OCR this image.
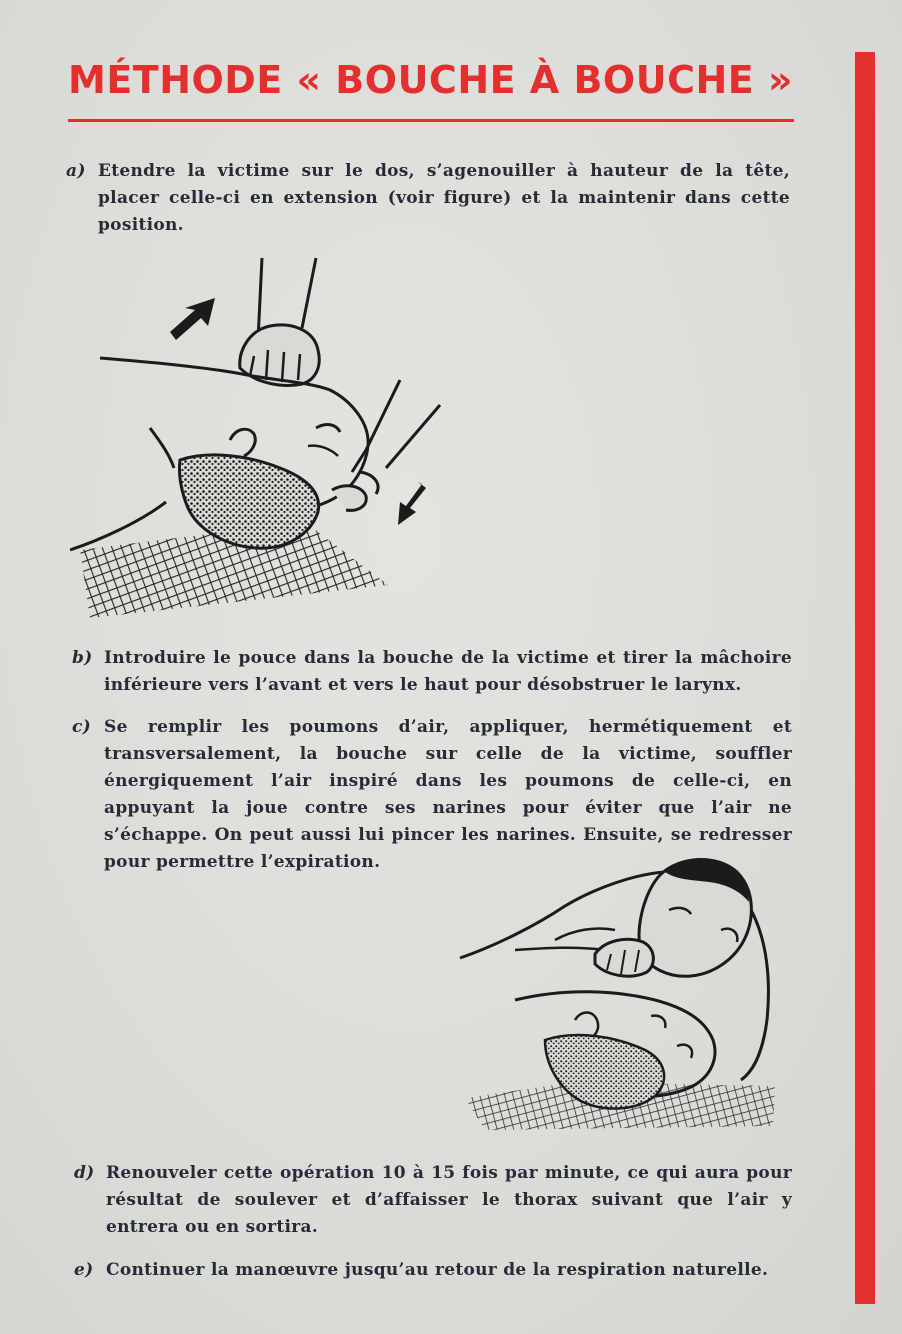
MÉTHODE « BOUCHE À BOUCHE »
a) Etendre la victime sur le dos, s’agenouiller à hauteur de la tête, placer celle-ci en extension (voir figure) et la maintenir dans cette position.
b) Introduire le pouce dans la bouche de la victime et tirer la mâchoire inférieure vers l’avant et vers le haut pour désobstruer le larynx.
c) Se remplir les poumons d’air, appliquer, hermétiquement et transversalement, la bouche sur celle de la victime, souffler énergiquement l’air inspiré dans les poumons de celle-ci, en appuyant la joue contre ses narines pour éviter que l’air ne s’échappe. On peut aussi lui pincer les narines. Ensuite, se redresser pour permettre l’expiration.
d) Renouveler cette opération 10 à 15 fois par minute, ce qui aura pour résultat de soulever et d’affaisser le thorax suivant que l’air y entrera ou en sortira.
e) Continuer la manœuvre jusqu’au retour de la respiration naturelle.
